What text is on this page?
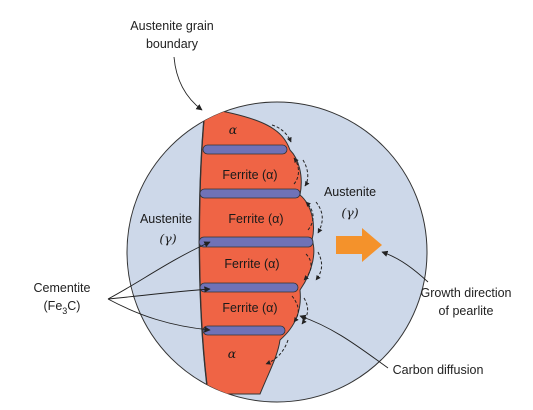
α
Ferrite (α)
Ferrite (α)
Ferrite (α)
Ferrite (α)
α
Austenite
(γ)
Austenite
(γ)
Austenite grain
boundary
Cementite
$(Fe_3C)$
Growth direction
of pearlite
Carbon diffusion
